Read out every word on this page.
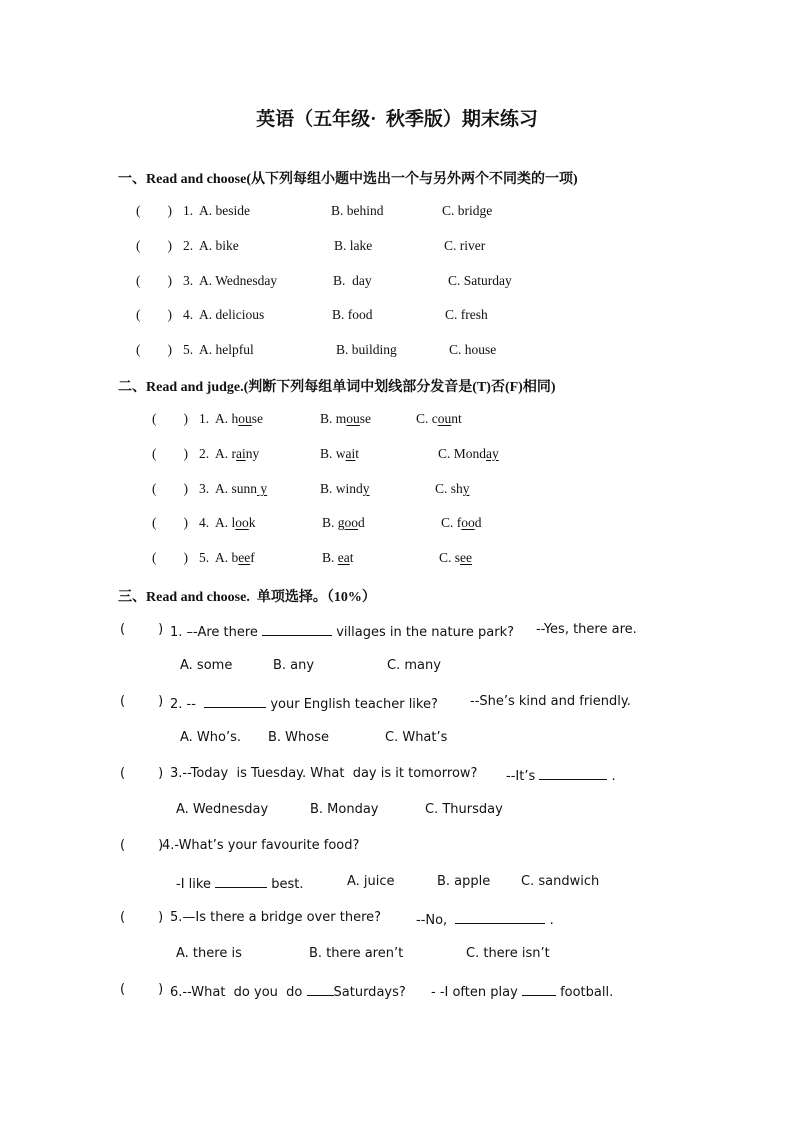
英语（五年级·  秋季版）期末练习
一、Read and choose(从下列每组小题中选出一个与另外两个不同类的一项)
(        ) 1. A. beside	B. behind	C. bridge
(        ) 2. A. bike	B. lake	C. river
(        ) 3. A. Wednesday	B.  day	C. Saturday
(        ) 4. A. delicious	B. food	C. fresh
(        ) 5. A. helpful	B. building	C. house
二、Read and judge.(判断下列每组单词中划线部分发音是(T)否(F)相同)
(        ) 1. A. house	B. mouse	C. count
(        ) 2. A. rainy	B. wait	C. Monday
(        ) 3. A. sunn y	B. windy	C. shy
(        ) 4. A. look	B. good	C. food
(        ) 5. A. beef	B. eat	C. see
三、Read and choose.  单项选择。（10%）
(        ) 1. –-Are there	villages in the nature park? --Yes, there are.
A. some	B. any	C. many
(        ) 2. --	your English teacher like? --She’s kind and friendly.
A. Who’s. B. Whose	C. What’s
(        ) 3.--Today  is Tuesday. What  day is it tomorrow? --It’s	.
A. Wednesday	B. Monday	C. Thursday
(        )
4.-What’s your favourite food?
-I like	best.	A. juice	B. apple C. sandwich
(        ) 5.—Is there a bridge over there?	--No,	.
A. there is	B. there aren’t	C. there isn’t
(        ) 6.--What  do you  do Saturdays? - -I often play	football.
